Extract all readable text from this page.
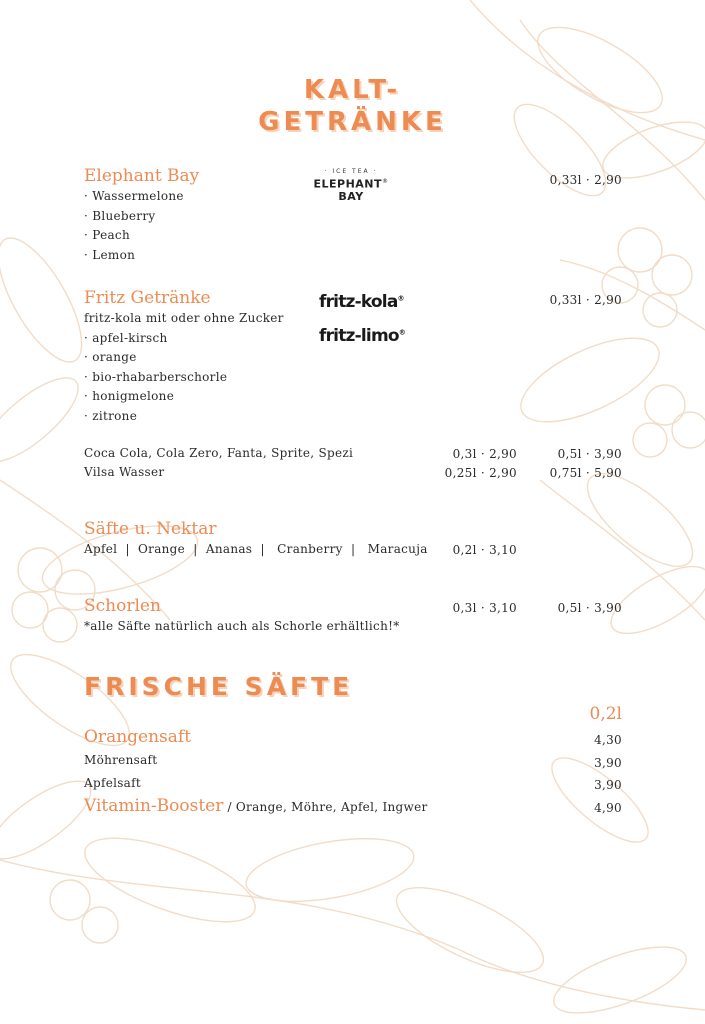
KALT-
GETRÄNKE
Elephant Bay	0,33l · 2,90
· ICE TEA ·
ELEPHANT®
BAY
· Wassermelone
· Blueberry
· Peach
· Lemon
Fritz Getränke	0,33l · 2,90
fritz-kola®
fritz-limo®
fritz-kola mit oder ohne Zucker
· apfel-kirsch
· orange
· bio-rhabarberschorle
· honigmelone
· zitrone
Coca Cola, Cola Zero, Fanta, Sprite, Spezi	0,3l · 2,90	0,5l · 3,90
Vilsa Wasser	0,25l · 2,90	0,75l · 5,90
Säfte u. Nektar
Apfel  |  Orange  |  Ananas  |   Cranberry  |   Maracuja	0,2l · 3,10
Schorlen	0,3l · 3,10	0,5l · 3,90
*alle Säfte natürlich auch als Schorle erhältlich!*
FRISCHE SÄFTE
0,2l
Orangensaft	4,30
Möhrensaft	3,90
Apfelsaft	3,90
Vitamin-Booster / Orange, Möhre, Apfel, Ingwer	4,90
